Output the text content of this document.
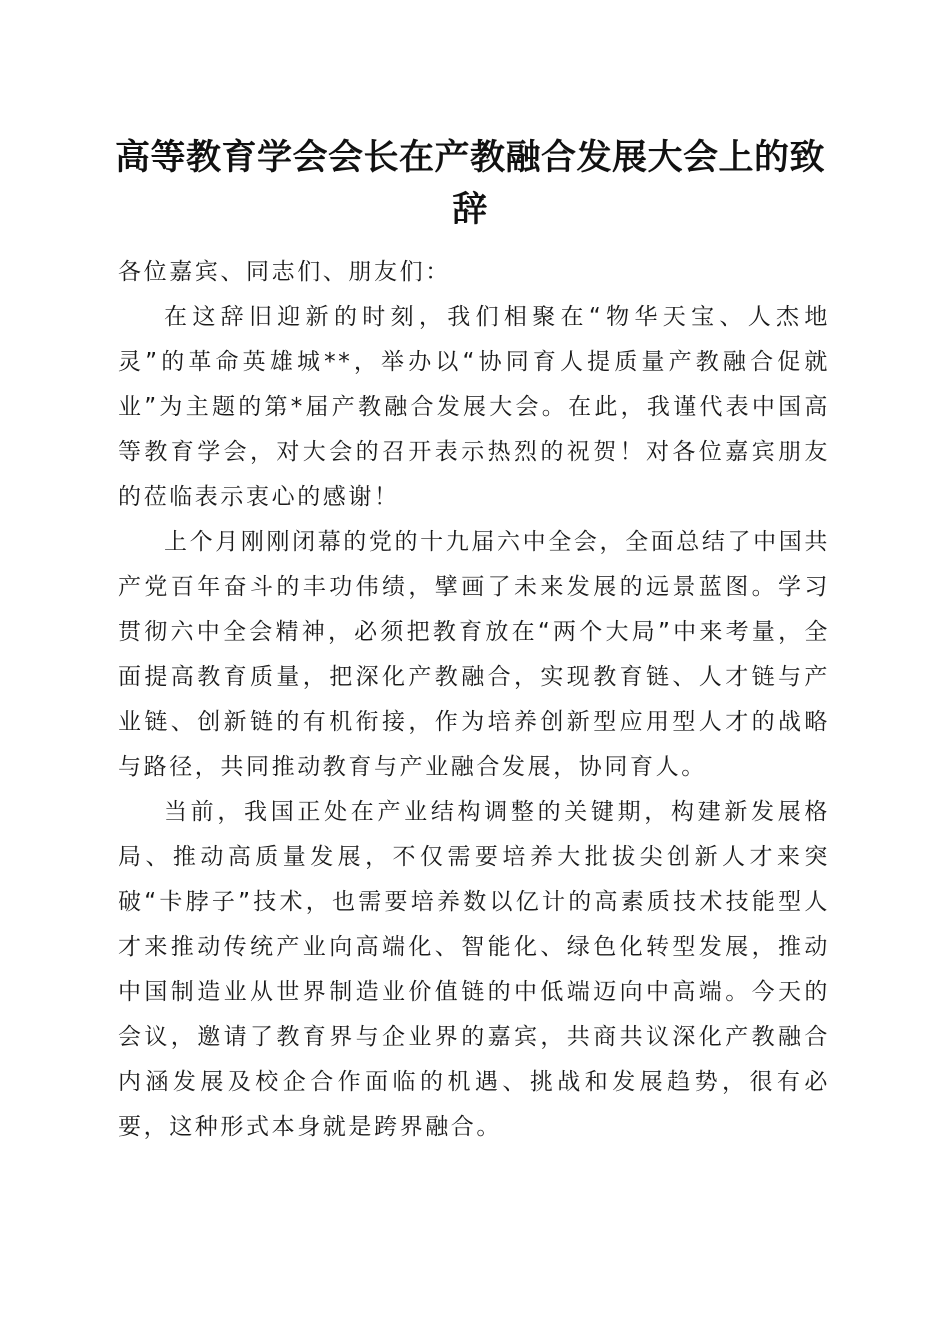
高等教育学会会长在产教融合发展大会上的致辞

各位嘉宾、同志们、朋友们：

在这辞旧迎新的时刻，我们相聚在“物华天宝、人杰地灵”的革命英雄城**，举办以“协同育人提质量产教融合促就业”为主题的第*届产教融合发展大会。在此，我谨代表中国高等教育学会，对大会的召开表示热烈的祝贺！对各位嘉宾朋友的莅临表示衷心的感谢！

上个月刚刚闭幕的党的十九届六中全会，全面总结了中国共产党百年奋斗的丰功伟绩，擘画了未来发展的远景蓝图。学习贯彻六中全会精神，必须把教育放在“两个大局”中来考量，全面提高教育质量，把深化产教融合，实现教育链、人才链与产业链、创新链的有机衔接，作为培养创新型应用型人才的战略与路径，共同推动教育与产业融合发展，协同育人。

当前，我国正处在产业结构调整的关键期，构建新发展格局、推动高质量发展，不仅需要培养大批拔尖创新人才来突破“卡脖子”技术，也需要培养数以亿计的高素质技术技能型人才来推动传统产业向高端化、智能化、绿色化转型发展，推动中国制造业从世界制造业价值链的中低端迈向中高端。今天的会议，邀请了教育界与企业界的嘉宾，共商共议深化产教融合内涵发展及校企合作面临的机遇、挑战和发展趋势，很有必要，这种形式本身就是跨界融合。
